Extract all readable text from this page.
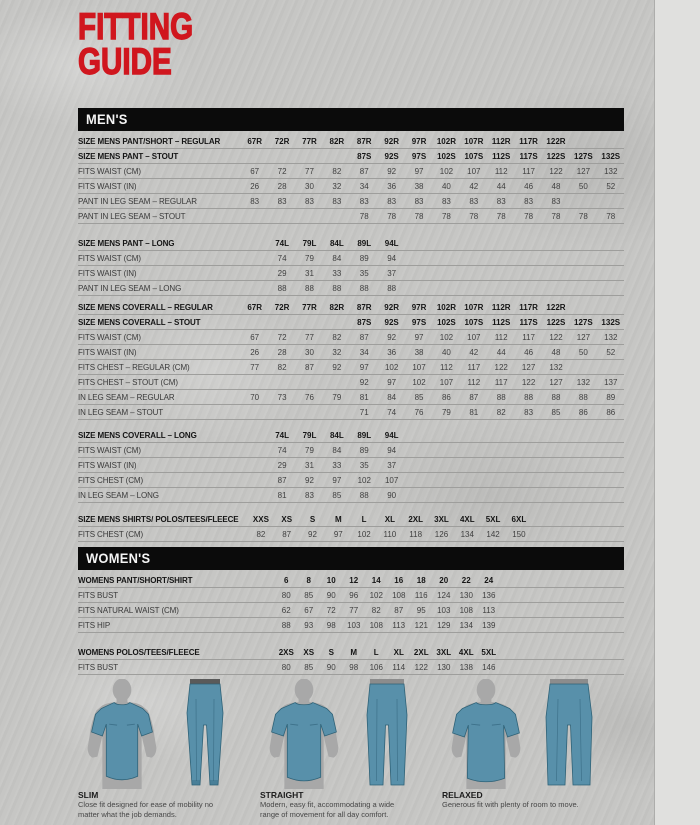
FITTING
GUIDE
MEN'S
SIZE MENS PANT/SHORT – REGULAR	67R	72R	77R	82R	87R	92R	97R	102R	107R	112R	117R	122R
SIZE MENS PANT – STOUT	87S	92S	97S	102S	107S	112S	117S	122S	127S	132S
FITS WAIST (CM)	67	72	77	82	87	92	97	102	107	112	117	122	127	132
FITS WAIST (IN)	26	28	30	32	34	36	38	40	42	44	46	48	50	52
PANT IN LEG SEAM – REGULAR	83	83	83	83	83	83	83	83	83	83	83	83
PANT IN LEG SEAM – STOUT	78	78	78	78	78	78	78	78	78	78
SIZE MENS PANT – LONG	74L	79L	84L	89L	94L
FITS WAIST (CM)	74	79	84	89	94
FITS WAIST (IN)	29	31	33	35	37
PANT IN LEG SEAM – LONG	88	88	88	88	88
SIZE MENS COVERALL – REGULAR	67R	72R	77R	82R	87R	92R	97R	102R	107R	112R	117R	122R
SIZE MENS COVERALL – STOUT	87S	92S	97S	102S	107S	112S	117S	122S	127S	132S
FITS WAIST (CM)	67	72	77	82	87	92	97	102	107	112	117	122	127	132
FITS WAIST (IN)	26	28	30	32	34	36	38	40	42	44	46	48	50	52
FITS CHEST – REGULAR (CM)	77	82	87	92	97	102	107	112	117	122	127	132
FITS CHEST – STOUT (CM)	92	97	102	107	112	117	122	127	132	137
IN LEG SEAM – REGULAR	70	73	76	79	81	84	85	86	87	88	88	88	88	89
IN LEG SEAM – STOUT	71	74	76	79	81	82	83	85	86	86
SIZE MENS COVERALL – LONG	74L	79L	84L	89L	94L
FITS WAIST (CM)	74	79	84	89	94
FITS WAIST (IN)	29	31	33	35	37
FITS CHEST (CM)	87	92	97	102	107
IN LEG SEAM – LONG	81	83	85	88	90
SIZE MENS SHIRTS/ POLOS/TEES/FLEECE	XXS	XS	S	M	L	XL	2XL	3XL	4XL	5XL	6XL
FITS CHEST (CM)	82	87	92	97	102	110	118	126	134	142	150
WOMEN'S
WOMENS PANT/SHORT/SHIRT	6	8	10	12	14	16	18	20	22	24
FITS BUST	80	85	90	96	102	108	116	124	130	136
FITS NATURAL WAIST (CM)	62	67	72	77	82	87	95	103	108	113
FITS HIP	88	93	98	103	108	113	121	129	134	139
WOMENS POLOS/TEES/FLEECE	2XS	XS	S	M	L	XL	2XL 3XL 4XL 5XL
FITS BUST	80	85	90	98	106	114	122	130	138	146
SLIM
Close fit designed for ease of mobility no matter what the job demands.
STRAIGHT
Modern, easy fit, accommodating a wide range of movement for all day comfort.
RELAXED
Generous fit with plenty of room to move.
